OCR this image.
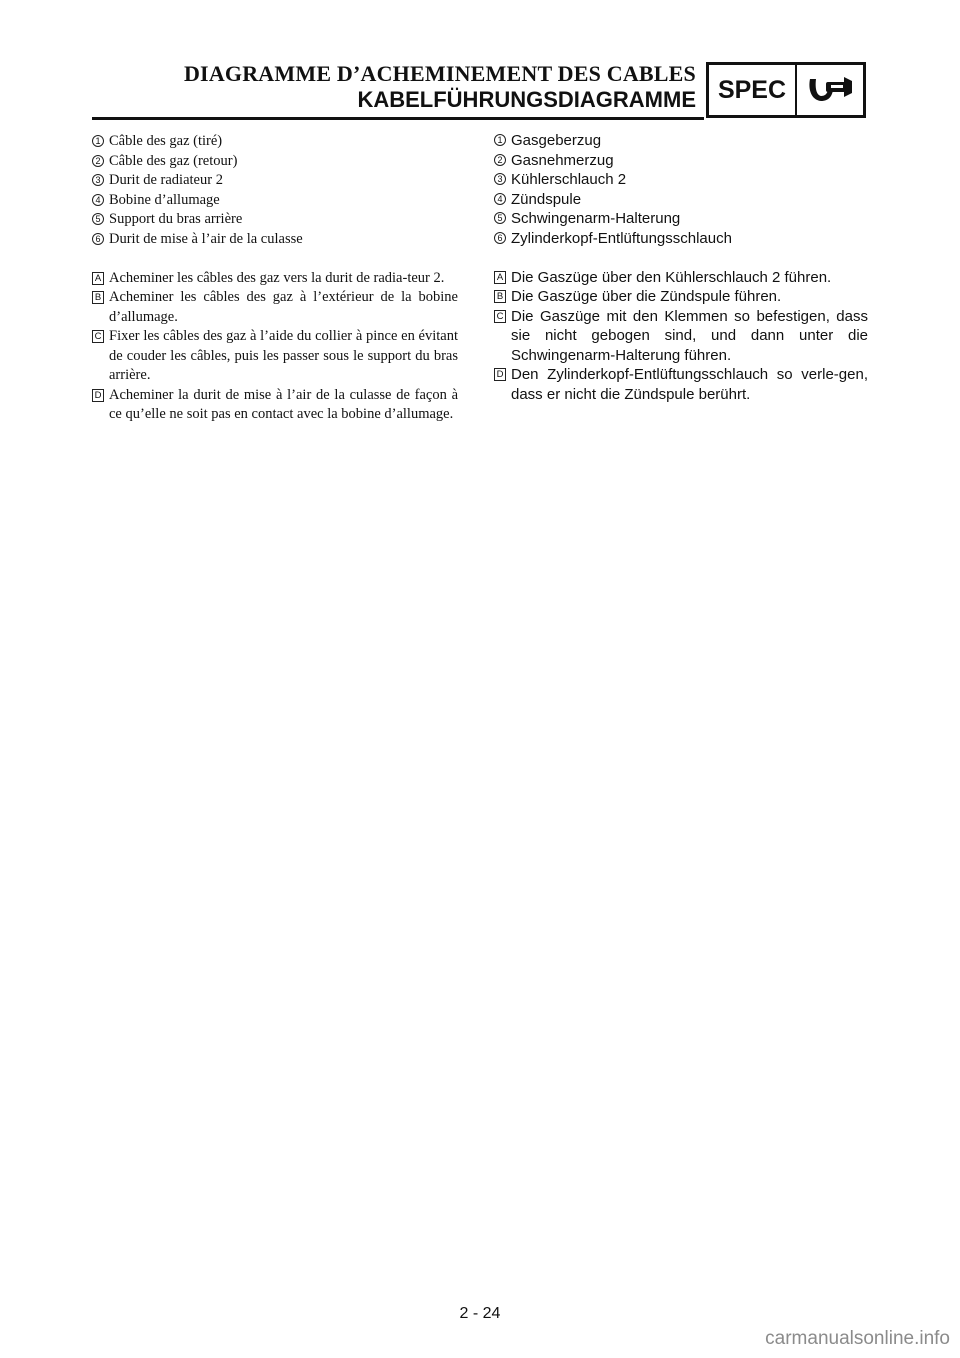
DIAGRAMME D’ACHEMINEMENT DES CABLES
KABELFÜHRUNGSDIAGRAMME SPEC
1 Câble des gaz (tiré)
2 Câble des gaz (retour)
3 Durit de radiateur 2
4 Bobine d’allumage
5 Support du bras arrière
6 Durit de mise à l’air de la culasse
A Acheminer les câbles des gaz vers la durit de radia-teur 2.
B Acheminer les câbles des gaz à l’extérieur de la bobine d’allumage.
C Fixer les câbles des gaz à l’aide du collier à pince en évitant de couder les câbles, puis les passer sous le support du bras arrière.
D Acheminer la durit de mise à l’air de la culasse de façon à ce qu’elle ne soit pas en contact avec la bobine d’allumage.
1 Gasgeberzug
2 Gasnehmerzug
3 Kühlerschlauch 2
4 Zündspule
5 Schwingenarm-Halterung
6 Zylinderkopf-Entlüftungsschlauch
A Die Gaszüge über den Kühlerschlauch 2 führen.
B Die Gaszüge über die Zündspule führen.
C Die Gaszüge mit den Klemmen so befestigen, dass sie nicht gebogen sind, und dann unter die Schwingenarm-Halterung führen.
D Den Zylinderkopf-Entlüftungsschlauch so verle-gen, dass er nicht die Zündspule berührt.
2 - 24
carmanualsonline.info
